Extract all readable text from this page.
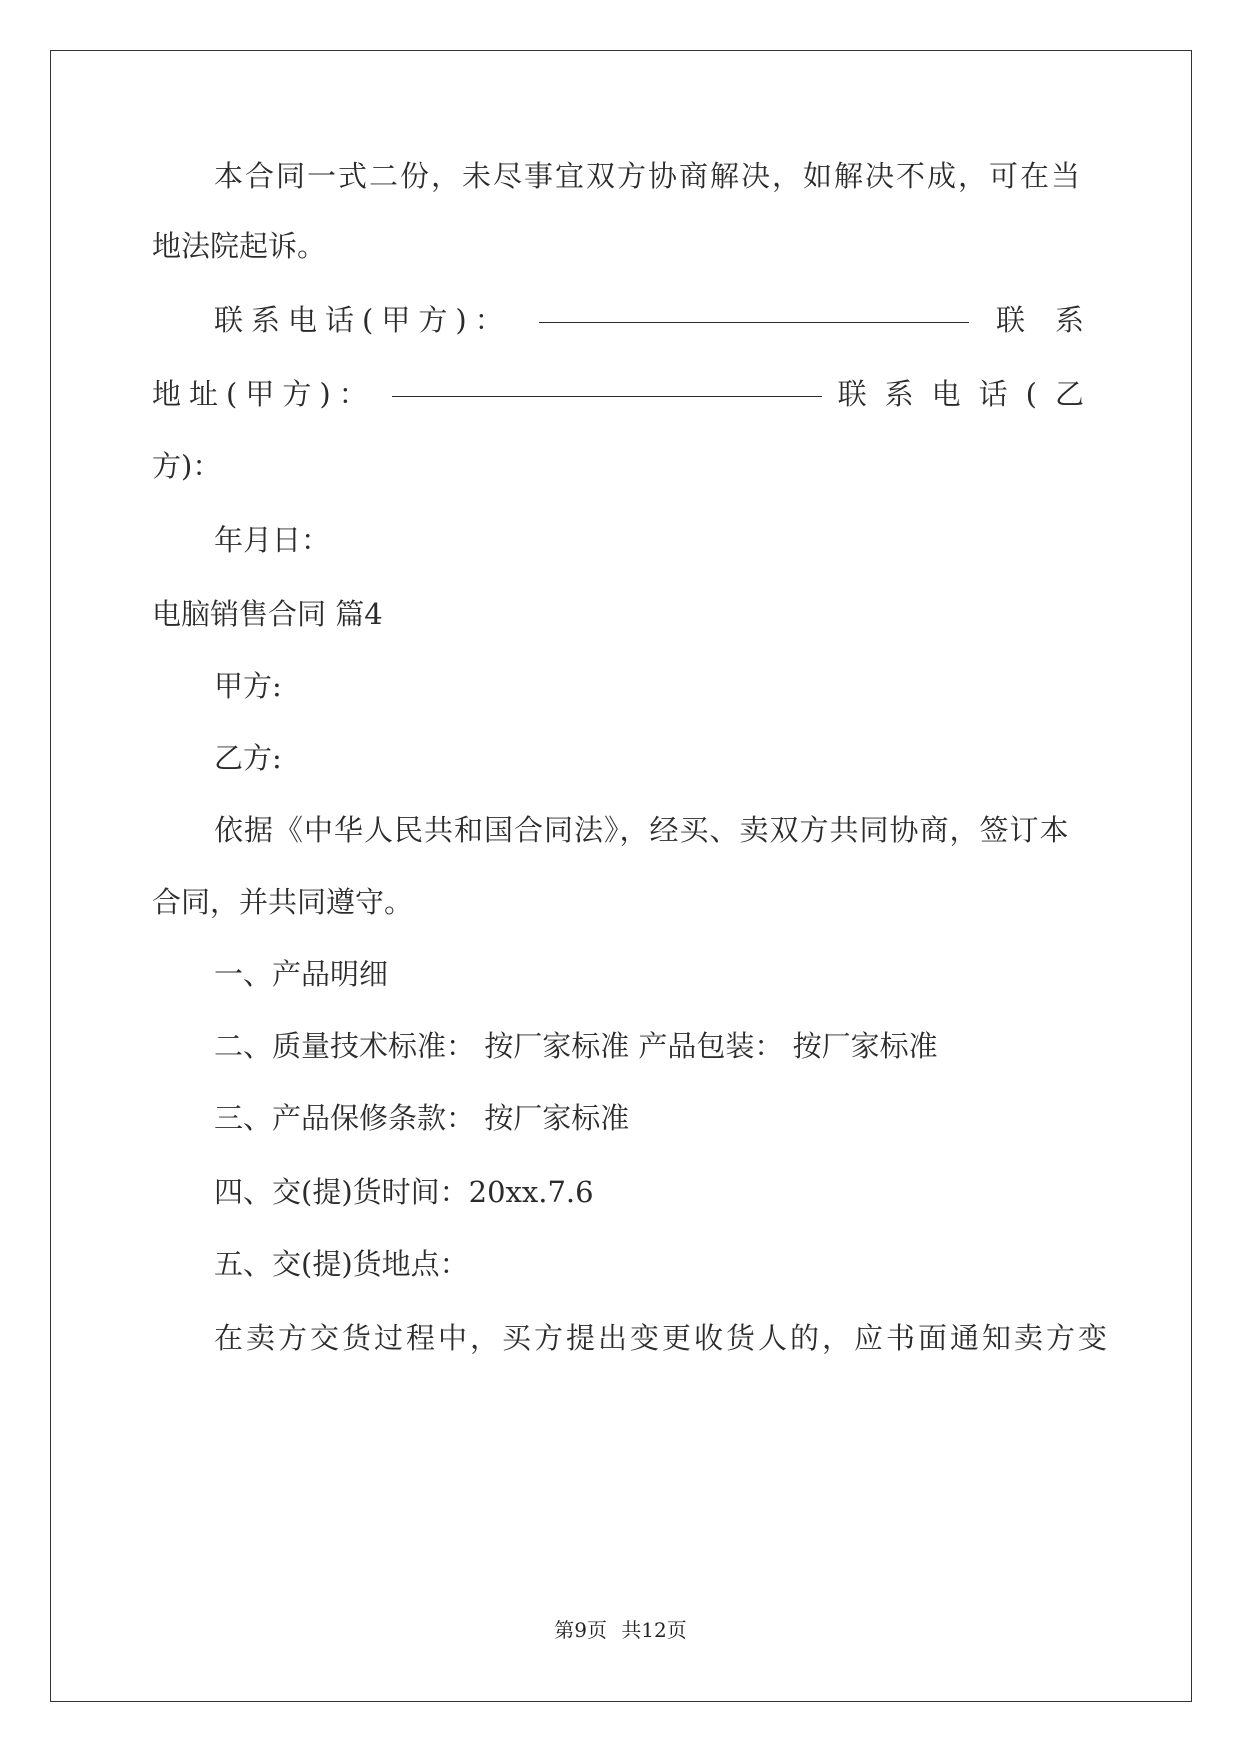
本合同一式二份，未尽事宜双方协商解决，如解决不成，可在当
地法院起诉。
联系电话(甲方)：	联系
地址(甲方)：	联系电话(乙
方)：
年月日：
电脑销售合同 篇4
甲方:
乙方:
依据《中华人民共和国合同法》，经买、卖双方共同协商，签订本
合同，并共同遵守。
一、产品明细
二、质量技术标准： 按厂家标准 产品包装： 按厂家标准
三、产品保修条款： 按厂家标准
四、交(提)货时间：20xx.7.6
五、交(提)货地点：
在卖方交货过程中，买方提出变更收货人的，应书面通知卖方变
第9页 共12页
